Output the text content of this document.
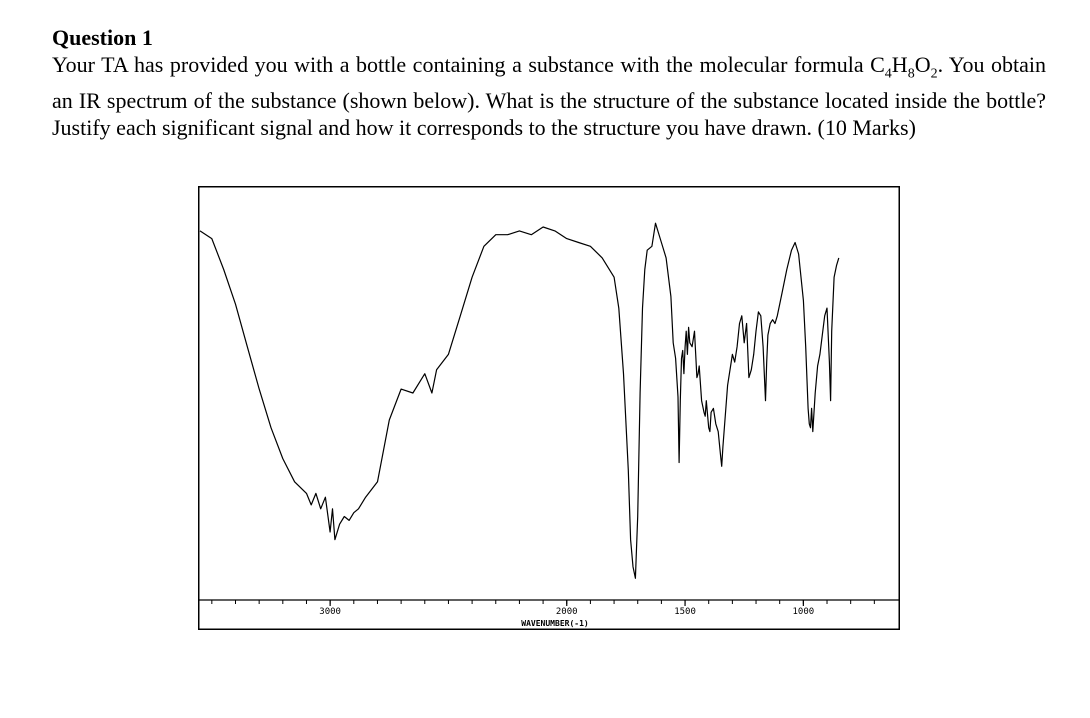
Question 1

Your TA has provided you with a bottle containing a substance with the molecular formula $C_4H_8O_2$. You obtain an IR spectrum of the substance (shown below). What is the structure of the substance located inside the bottle? Justify each significant signal and how it corresponds to the structure you have drawn. (10 Marks)

3000	2000	1500	1000
WAVENUMBER(-1)
